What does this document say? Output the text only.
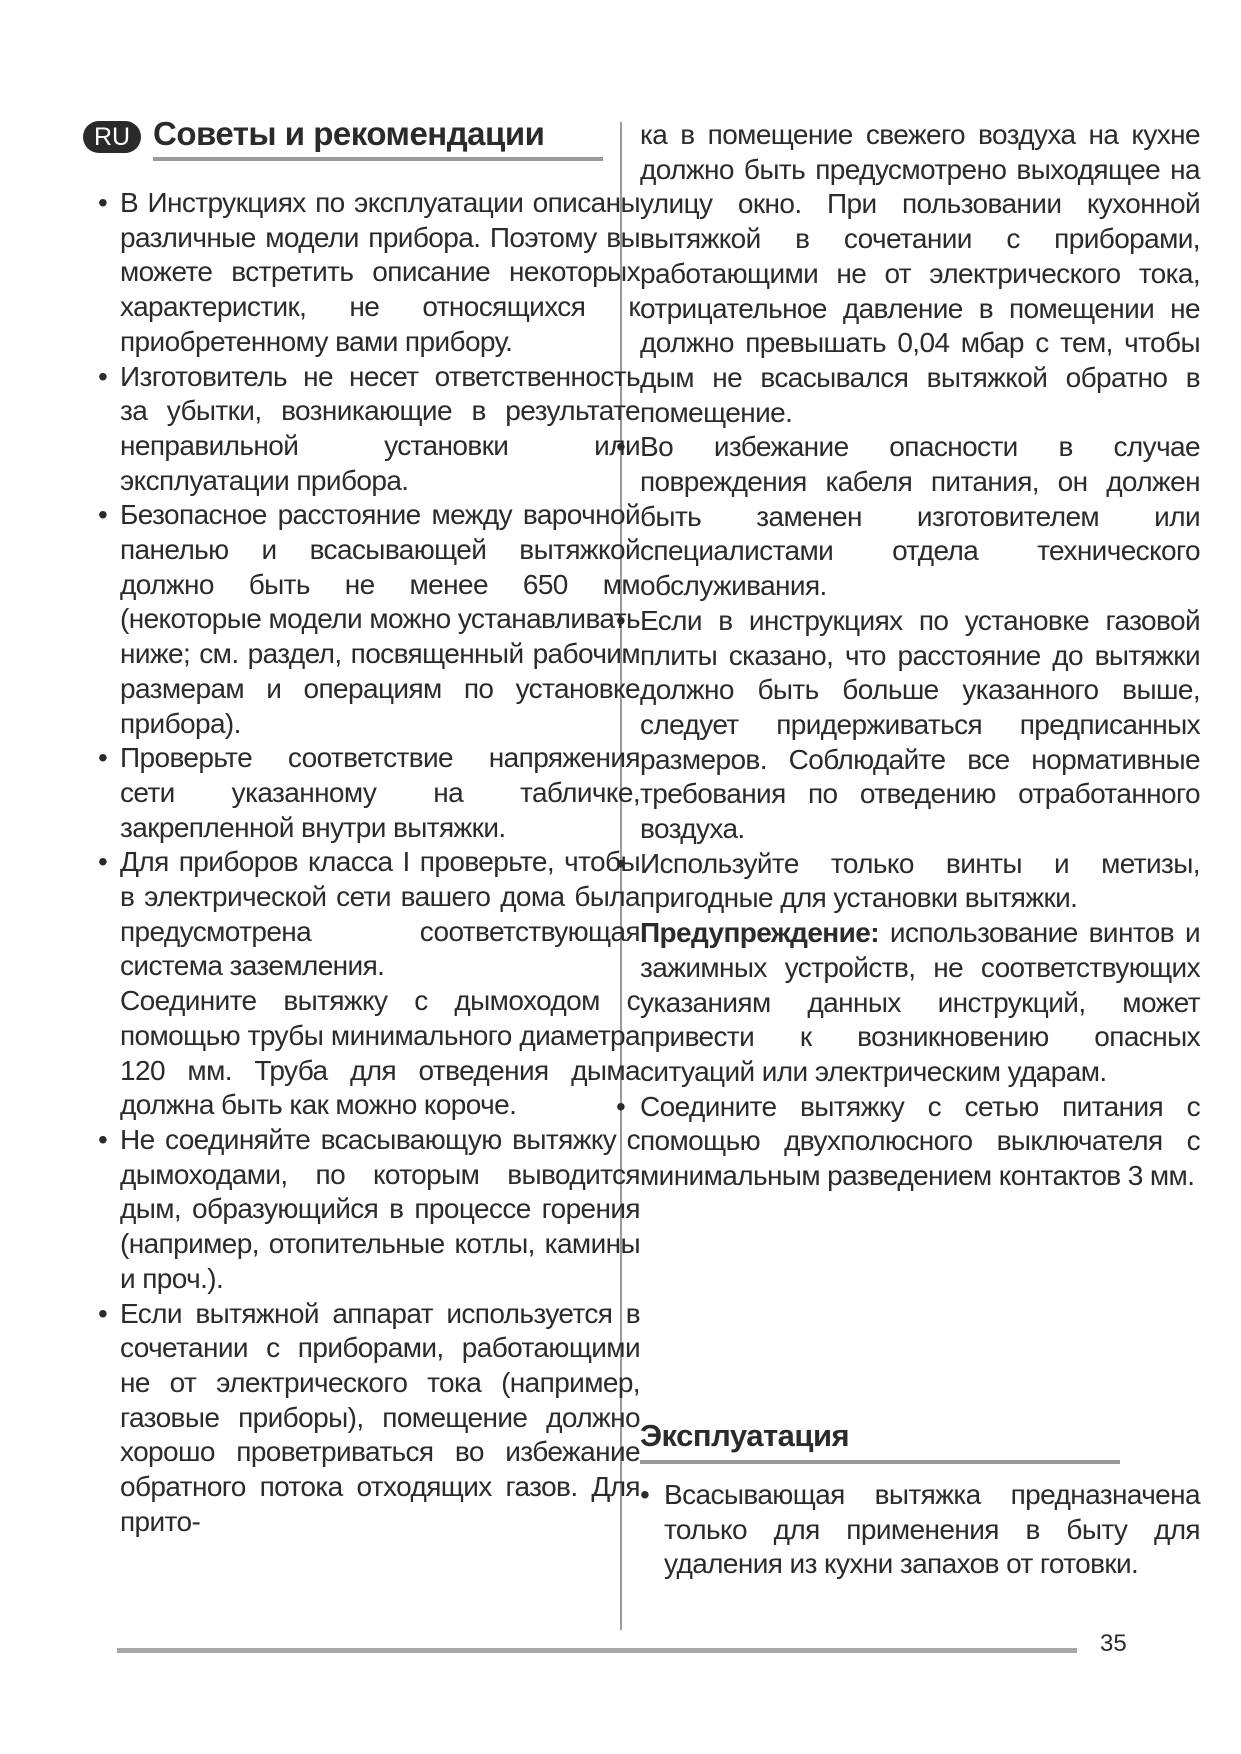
RU Советы и рекомендации
• В Инструкциях по эксплуатации описаны различные модели прибора. Поэтому вы можете встретить описание некоторых характеристик, не относящихся к приобретенному вами прибору.
• Изготовитель не несет ответственность за убытки, возникающие в результате неправильной установки или эксплуатации прибора.
• Безопасное расстояние между варочной панелью и всасывающей вытяжкой должно быть не менее 650 мм (некоторые модели можно устанавливать ниже; см. раздел, посвященный рабочим размерам и операциям по установке прибора).
• Проверьте соответствие напряжения сети указанному на табличке, закрепленной внутри вытяжки.
• Для приборов класса I проверьте, чтобы в электрической сети вашего дома была предусмотрена соответствующая система заземления.

Соедините вытяжку с дымоходом с помощью трубы минимального диаметра 120 мм. Труба для отведения дыма должна быть как можно короче.

• Не соединяйте всасывающую вытяжку с дымоходами, по которым выводится дым, образующийся в процессе горения (например, отопительные котлы, камины и проч.).
• Если вытяжной аппарат используется в сочетании с приборами, работающими не от электрического тока (например, газовые приборы), помещение должно хорошо проветриваться во избежание обратного потока отходящих газов. Для прито-

ка в помещение свежего воздуха на кухне должно быть предусмотрено выходящее на улицу окно. При пользовании кухонной вытяжкой в сочетании с приборами, работающими не от электрического тока, отрицательное давление в помещении не должно превышать 0,04 мбар с тем, чтобы дым не всасывался вытяжкой обратно в помещение.

• Во избежание опасности в случае повреждения кабеля питания, он должен быть заменен изготовителем или специалистами отдела технического обслуживания.
• Если в инструкциях по установке газовой плиты сказано, что расстояние до вытяжки должно быть больше указанного выше, следует придерживаться предписанных размеров. Соблюдайте все нормативные требования по отведению отработанного воздуха.
• Используйте только винты и метизы, пригодные для установки вытяжки.

Предупреждение: использование винтов и зажимных устройств, не соответствующих указаниям данных инструкций, может привести к возникновению опасных ситуаций или электрическим ударам.

• Соедините вытяжку с сетью питания с помощью двухполюсного выключателя с минимальным разведением контактов 3 мм.
Эксплуатация
• Всасывающая вытяжка предназначена только для применения в быту для удаления из кухни запахов от готовки.
35
